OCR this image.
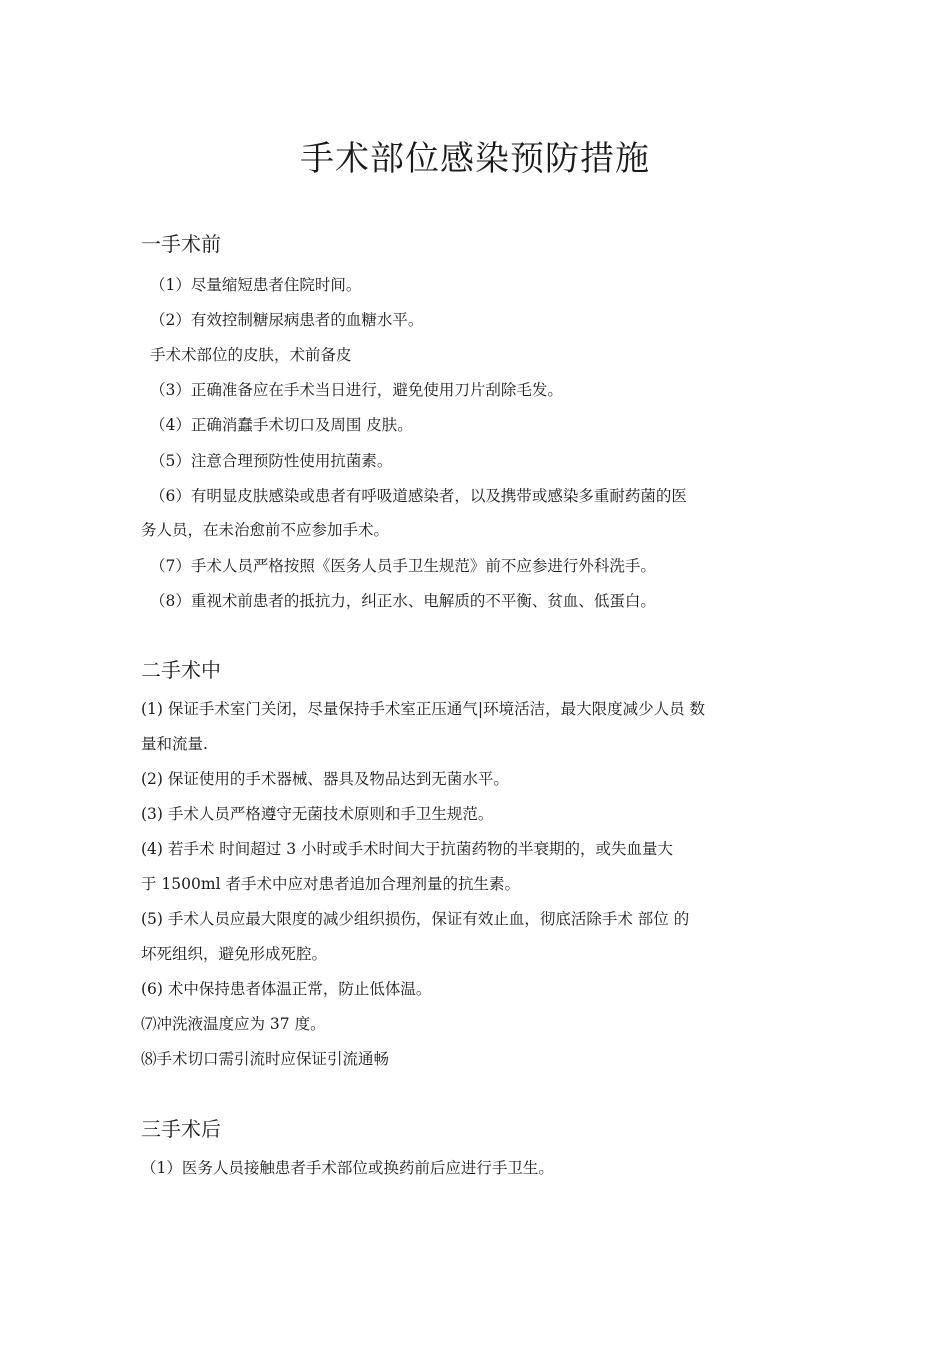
手术部位感染预防措施
一手术前

（1）尽量缩短患者住院时间。

（2）有效控制糖尿病患者的血糖水平。

手术术部位的皮肤，术前备皮

（3）正确准备应在手术当日进行，避免使用刀片刮除毛发。

（4）正确消蠢手术切口及周围 皮肤。

（5）注意合理预防性使用抗菌素。

（6）有明显皮肤感染或患者有呼吸道感染者，以及携带或感染多重耐药菌的医

务人员，在未治愈前不应参加手术。

（7）手术人员严格按照《医务人员手卫生规范》前不应参进行外科洗手。

（8）重视术前患者的抵抗力，纠正水、电解质的不平衡、贫血、低蛋白。

二手术中

(1) 保证手术室门关闭，尽量保持手术室正压通气|环境活洁，最大限度减少人员 数

量和流量.

(2) 保证使用的手术器械、器具及物品达到无菌水平。

(3) 手术人员严格遵守无菌技术原则和手卫生规范。

(4) 若手术 时间超过 3 小时或手术时间大于抗菌药物的半衰期的，或失血量大

于 1500ml 者手术中应对患者追加合理剂量的抗生素。

(5) 手术人员应最大限度的减少组织损伤，保证有效止血，彻底活除手术 部位 的

坏死组织，避免形成死腔。

(6) 术中保持患者体温正常，防止低体温。

⑺冲洗液温度应为 37 度。

⑻手术切口需引流时应保证引流通畅

三手术后

（1）医务人员接触患者手术部位或换药前后应进行手卫生。
